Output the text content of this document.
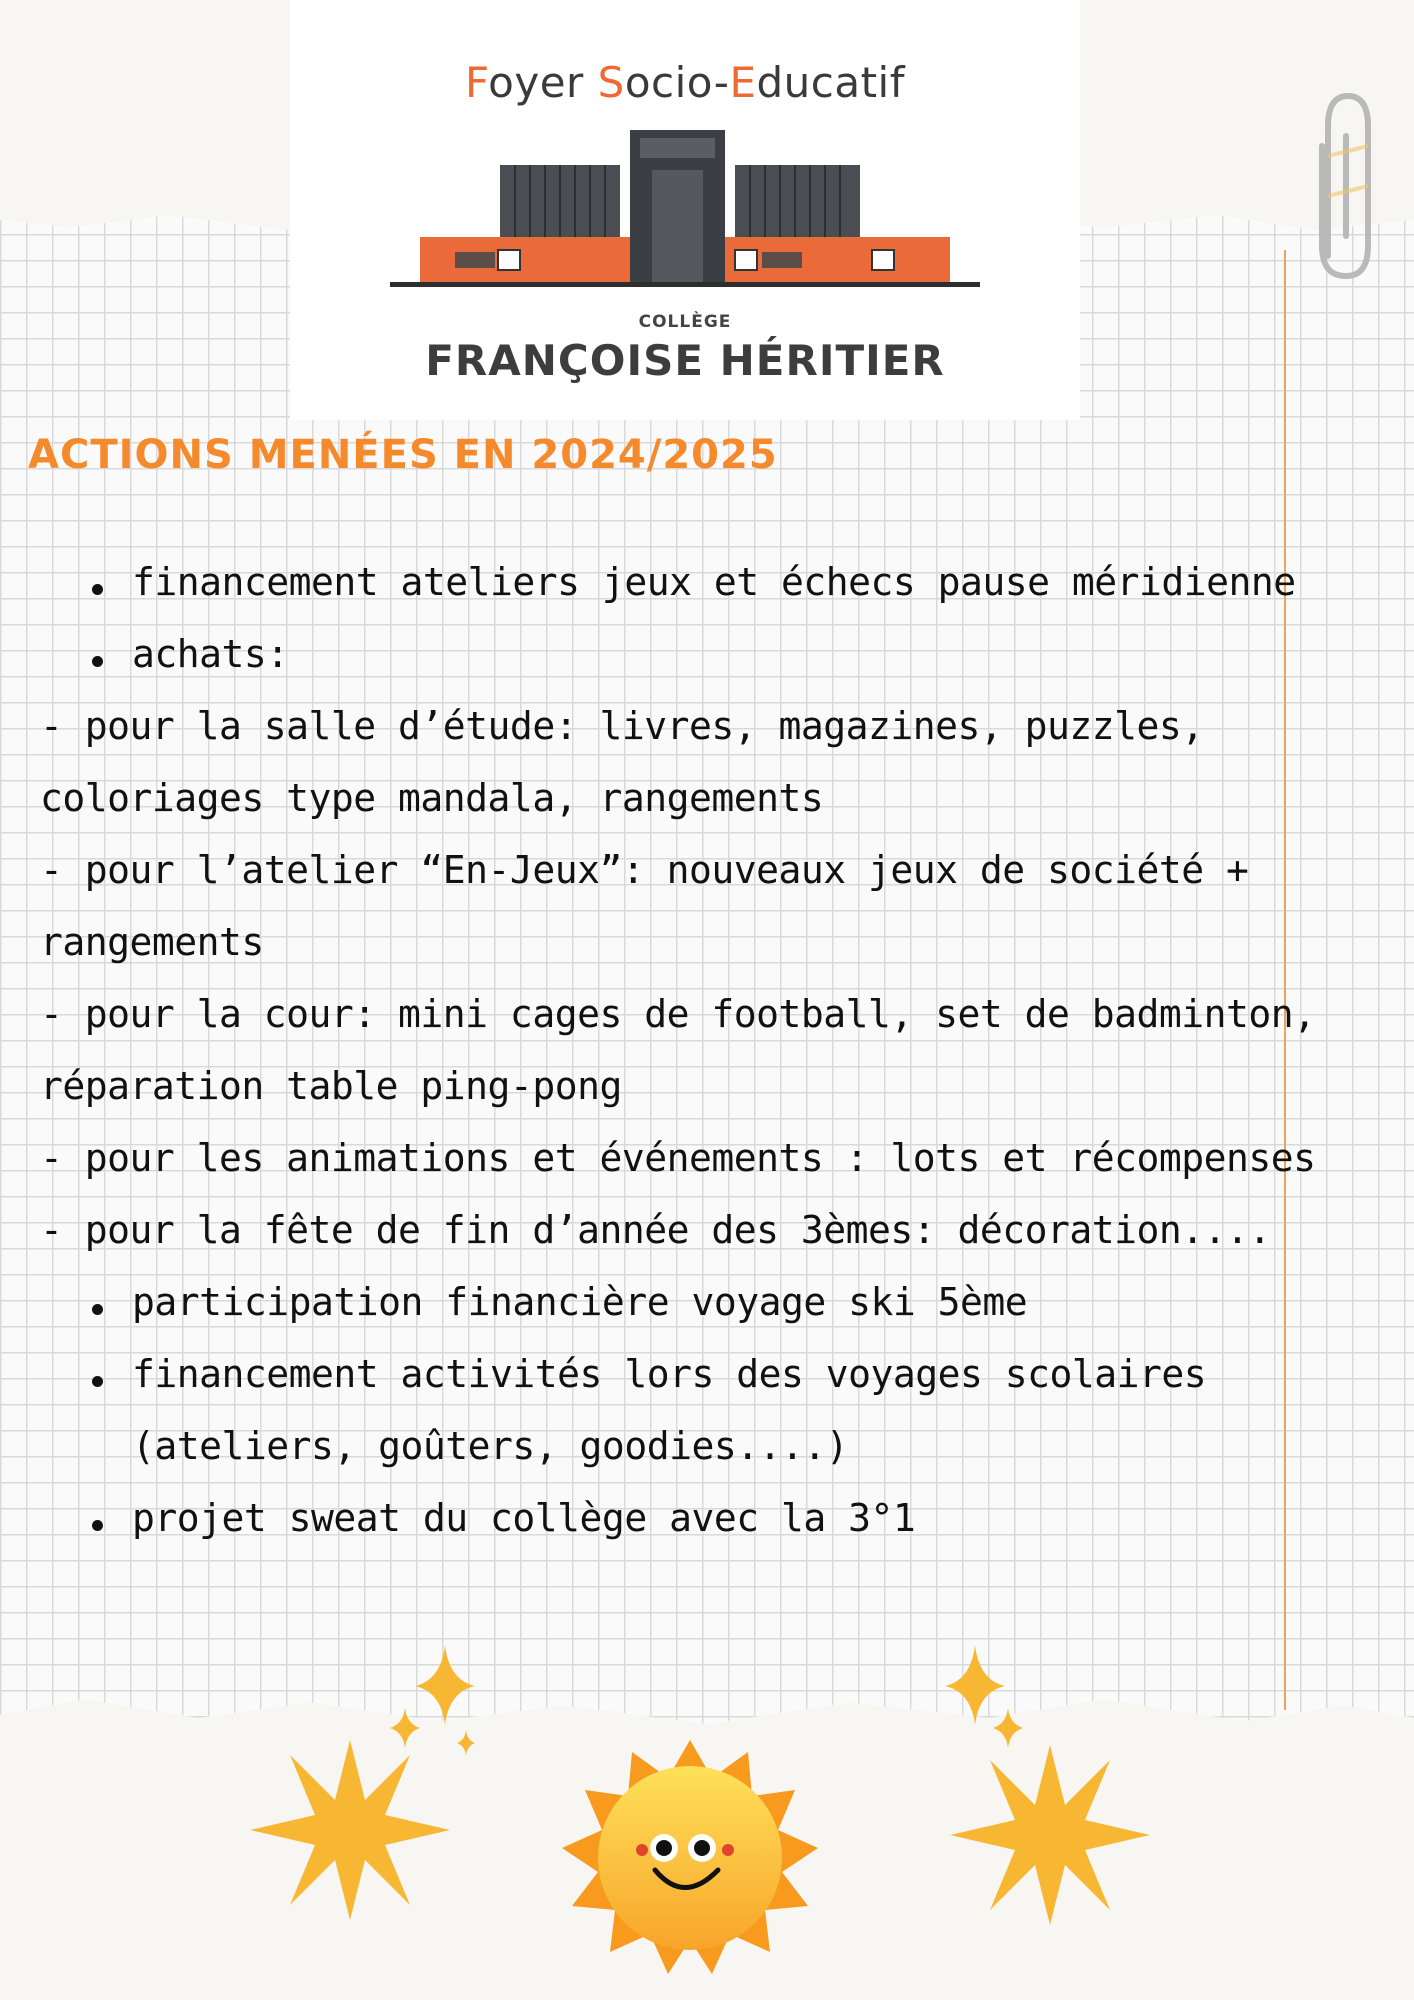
Foyer Socio-Educatif
COLLÈGE
FRANÇOISE HÉRITIER
ACTIONS MENÉES EN 2024/2025
financement ateliers jeux et échecs pause méridienne
achats:
- pour la salle d’étude: livres, magazines, puzzles,
coloriages type mandala, rangements
- pour l’atelier “En-Jeux”: nouveaux jeux de société +
rangements
- pour la cour: mini cages de football, set de badminton,
réparation table ping-pong
- pour les animations et événements : lots et récompenses
- pour la fête de fin d’année des 3èmes: décoration....
participation financière voyage ski 5ème
financement activités lors des voyages scolaires
(ateliers, goûters, goodies....)
projet sweat du collège avec la 3°1
